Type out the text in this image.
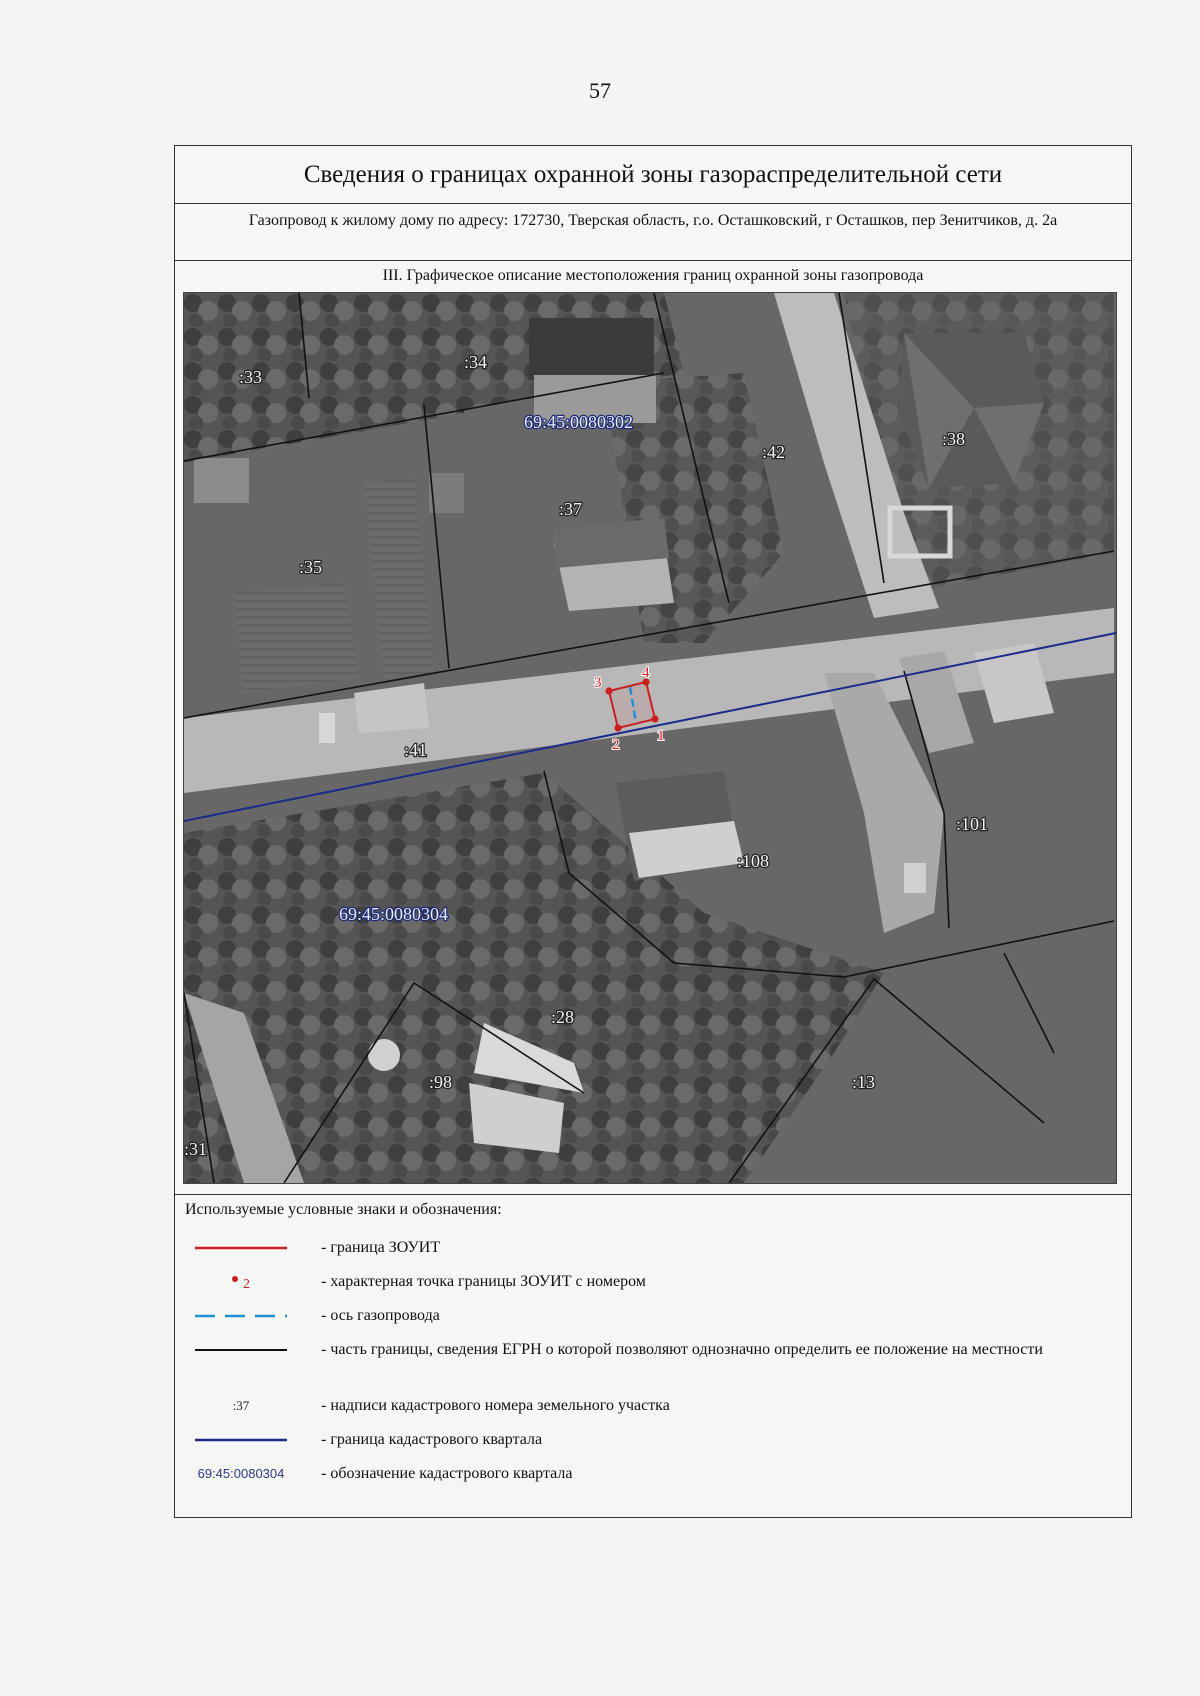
57
Сведения о границах охранной зоны газораспределительной сети
Газопровод к жилому дому по адресу: 172730, Тверская область, г.о. Осташковский, г Осташков, пер Зенитчиков, д. 2а
III. Графическое описание местоположения границ охранной зоны газопровода
1
2
3
4
:33
:34
:35
:37
:42
:38
:41
:108
:101
:28
:98	:13
:31
69:45:0080302
69:45:0080304
Используемые условные знаки и обозначения:
- граница ЗОУИТ
2	- характерная точка границы ЗОУИТ с номером
- ось газопровода
- часть границы, сведения ЕГРН о которой позволяют однозначно определить ее положение на местности
:37	- надписи кадастрового номера земельного участка
- граница кадастрового квартала
69:45:0080304	- обозначение кадастрового квартала
